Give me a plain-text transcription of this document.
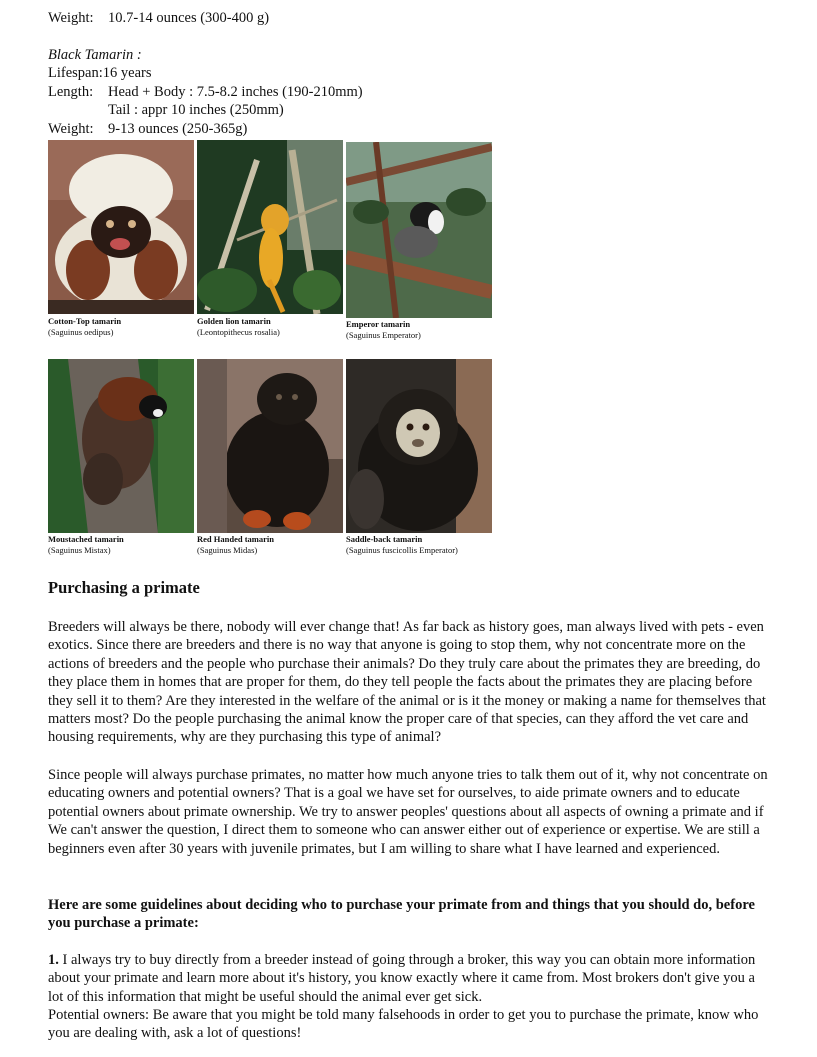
Weight: 10.7-14 ounces (300-400 g)
Black Tamarin :
Lifespan:16 years
Length: Head + Body : 7.5-8.2 inches (190-210mm)
Tail : appr 10 inches (250mm)
Weight: 9-13 ounces (250-365g)
Cotton-Top tamarin
(Saguinus oedipus)
Golden lion tamarin
(Leontopithecus rosalia)
Emperor tamarin
(Saguinus Emperator)
Moustached tamarin
(Saguinus Mistax)
Red Handed tamarin
(Saguinus Midas)
Saddle-back tamarin
(Saguinus fuscicollis Emperator)
Purchasing a primate

Breeders will always be there, nobody will ever change that! As far back as history goes, man always lived with pets - even exotics. Since there are breeders and there is no way that anyone is going to stop them, why not concentrate more on the actions of breeders and the people who purchase their animals? Do they truly care about the primates they are breeding, do they place them in homes that are proper for them, do they tell people the facts about the primates they are placing before they sell it to them? Are they interested in the welfare of the animal or is it the money or making a name for themselves that matters most? Do the people purchasing the animal know the proper care of that species, can they afford the vet care and housing requirements, why are they purchasing this type of animal?

Since people will always purchase primates, no matter how much anyone tries to talk them out of it, why not concentrate on educating owners and potential owners? That is a goal we have set for ourselves, to aide primate owners and to educate potential owners about primate ownership. We try to answer peoples' questions about all aspects of owning a primate and if We can't answer the question, I direct them to someone who can answer either out of experience or expertise. We are still a beginners even after 30 years with juvenile primates, but I am willing to share what I have learned and experienced.

Here are some guidelines about deciding who to purchase your primate from and things that you should do, before you purchase a primate:

1. I always try to buy directly from a breeder instead of going through a broker, this way you can obtain more information about your primate and learn more about it's history, you know exactly where it came from. Most brokers don't give you a lot of this information that might be useful should the animal ever get sick.

Potential owners: Be aware that you might be told many falsehoods in order to get you to purchase the primate, know who you are dealing with, ask a lot of questions!
